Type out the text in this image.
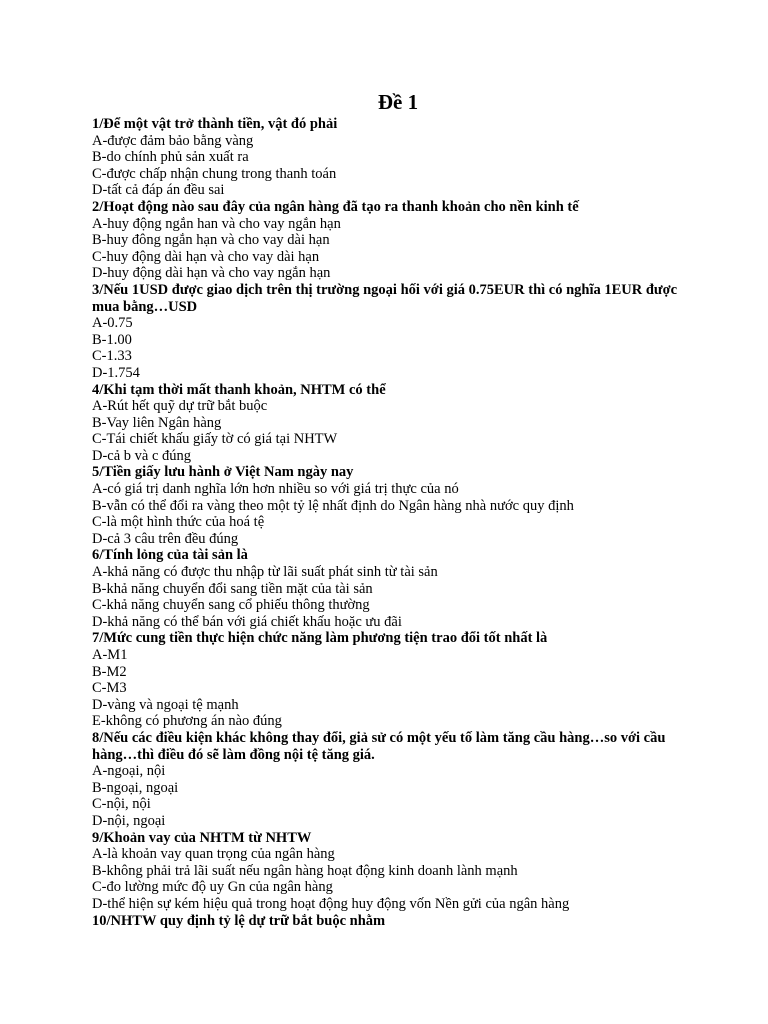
Đề 1

1/Để một vật trở thành tiền, vật đó phải

A-được đảm bảo bằng vàng

B-do chính phủ sản xuất ra

C-được chấp nhận chung trong thanh toán

D-tất cả đáp án đều sai

2/Hoạt động nào sau đây của ngân hàng đã tạo ra thanh khoản cho nền kinh tế

A-huy động ngắn han và cho vay ngắn hạn

B-huy đông ngắn hạn và cho vay dài hạn

C-huy động dài hạn và cho vay dài hạn

D-huy động dài hạn và cho vay ngắn hạn

3/Nếu 1USD được giao dịch trên thị trường ngoại hối với giá 0.75EUR thì có nghĩa 1EUR được mua bằng…USD

A-0.75

B-1.00

C-1.33

D-1.754

4/Khi tạm thời mất thanh khoản, NHTM có thể

A-Rút hết quỹ dự trữ bắt buộc

B-Vay liên Ngân hàng

C-Tái chiết khấu giấy tờ có giá tại NHTW

D-cả b và c đúng

5/Tiền giấy lưu hành ở Việt Nam ngày nay

A-có giá trị danh nghĩa lớn hơn nhiều so với giá trị thực của nó

B-vẫn có thể đổi ra vàng theo một tỷ lệ nhất định do Ngân hàng nhà nước quy định

C-là một hình thức của hoá tệ

D-cả 3 câu trên đều đúng

6/Tính lỏng của tài sản là

A-khả năng có được thu nhập từ lãi suất phát sinh từ tài sản

B-khả năng chuyển đổi sang tiền mặt của tài sản

C-khả năng chuyển sang cổ phiếu thông thường

D-khả năng có thể bán với giá chiết khấu hoặc ưu đãi

7/Mức cung tiền thực hiện chức năng làm phương tiện trao đổi tốt nhất là

A-M1

B-M2

C-M3

D-vàng và ngoại tệ mạnh

E-không có phương án nào đúng

8/Nếu các điều kiện khác không thay đổi, giả sử có một yếu tố làm tăng cầu hàng…so với cầu hàng…thì điều đó sẽ làm đồng nội tệ tăng giá.

A-ngoại, nội

B-ngoại, ngoại

C-nội, nội

D-nội, ngoại

9/Khoản vay của NHTM từ NHTW

A-là khoản vay quan trọng của ngân hàng

B-không phải trả lãi suất nếu ngân hàng hoạt động kinh doanh lành mạnh

C-đo lường mức độ uy Gn của ngân hàng

D-thể hiện sự kém hiệu quả trong hoạt động huy động vốn Nền gửi của ngân hàng

10/NHTW quy định tỷ lệ dự trữ bắt buộc nhằm
